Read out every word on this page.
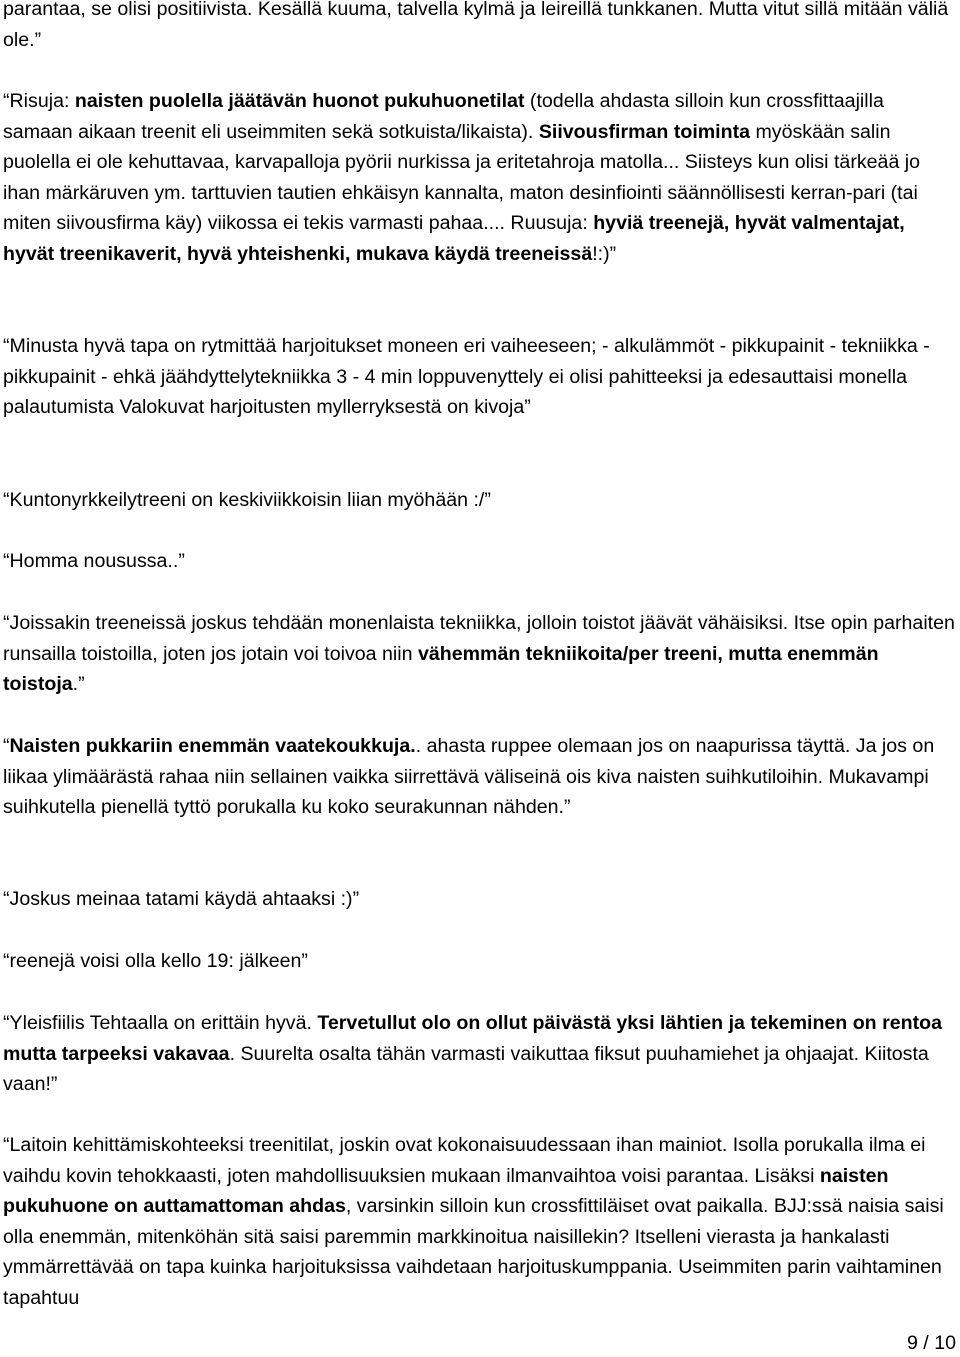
parantaa, se olisi positiivista. Kesällä kuuma, talvella kylmä ja leireillä tunkkanen. Mutta vitut sillä mitään väliä ole.”

“Risuja: naisten puolella jäätävän huonot pukuhuonetilat (todella ahdasta silloin kun crossfittaajilla samaan aikaan treenit eli useimmiten sekä sotkuista/likaista). Siivousfirman toiminta myöskään salin puolella ei ole kehuttavaa, karvapalloja pyörii nurkissa ja eritetahroja matolla... Siisteys kun olisi tärkeää jo ihan märkäruven ym. tarttuvien tautien ehkäisyn kannalta, maton desinfiointi säännöllisesti kerran-pari (tai miten siivousfirma käy) viikossa ei tekis varmasti pahaa.... Ruusuja: hyviä treenejä, hyvät valmentajat, hyvät treenikaverit, hyvä yhteishenki, mukava käydä treeneissä!:)”

“Minusta hyvä tapa on rytmittää harjoitukset moneen eri vaiheeseen; - alkulämmöt - pikkupainit - tekniikka - pikkupainit - ehkä jäähdyttelytekniikka 3 - 4 min loppuvenyttely ei olisi pahitteeksi ja edesauttaisi monella palautumista Valokuvat harjoitusten myllerryksestä on kivoja”

“Kuntonyrkkeilytreeni on keskiviikkoisin liian myöhään :/”

“Homma nousussa..”

“Joissakin treeneissä joskus tehdään monenlaista tekniikka, jolloin toistot jäävät vähäisiksi. Itse opin parhaiten runsailla toistoilla, joten jos jotain voi toivoa niin vähemmän tekniikoita/per treeni, mutta enemmän toistoja.”

“Naisten pukkariin enemmän vaatekoukkuja.. ahasta ruppee olemaan jos on naapurissa täyttä. Ja jos on liikaa ylimäärästä rahaa niin sellainen vaikka siirrettävä väliseinä ois kiva naisten suihkutiloihin. Mukavampi suihkutella pienellä tyttö porukalla ku koko seurakunnan nähden.”

“Joskus meinaa tatami käydä ahtaaksi :)”

“reenejä voisi olla kello 19: jälkeen”

“Yleisfiilis Tehtaalla on erittäin hyvä. Tervetullut olo on ollut päivästä yksi lähtien ja tekeminen on rentoa mutta tarpeeksi vakavaa. Suurelta osalta tähän varmasti vaikuttaa fiksut puuhamiehet ja ohjaajat. Kiitosta vaan!”

“Laitoin kehittämiskohteeksi treenitilat, joskin ovat kokonaisuudessaan ihan mainiot. Isolla porukalla ilma ei vaihdu kovin tehokkaasti, joten mahdollisuuksien mukaan ilmanvaihtoa voisi parantaa. Lisäksi naisten pukuhuone on auttamattoman ahdas, varsinkin silloin kun crossfittiläiset ovat paikalla. BJJ:ssä naisia saisi olla enemmän, mitenköhän sitä saisi paremmin markkinoitua naisillekin? Itselleni vierasta ja hankalasti ymmärrettävää on tapa kuinka harjoituksissa vaihdetaan harjoituskumppania. Useimmiten parin vaihtaminen tapahtuu

9 / 10
